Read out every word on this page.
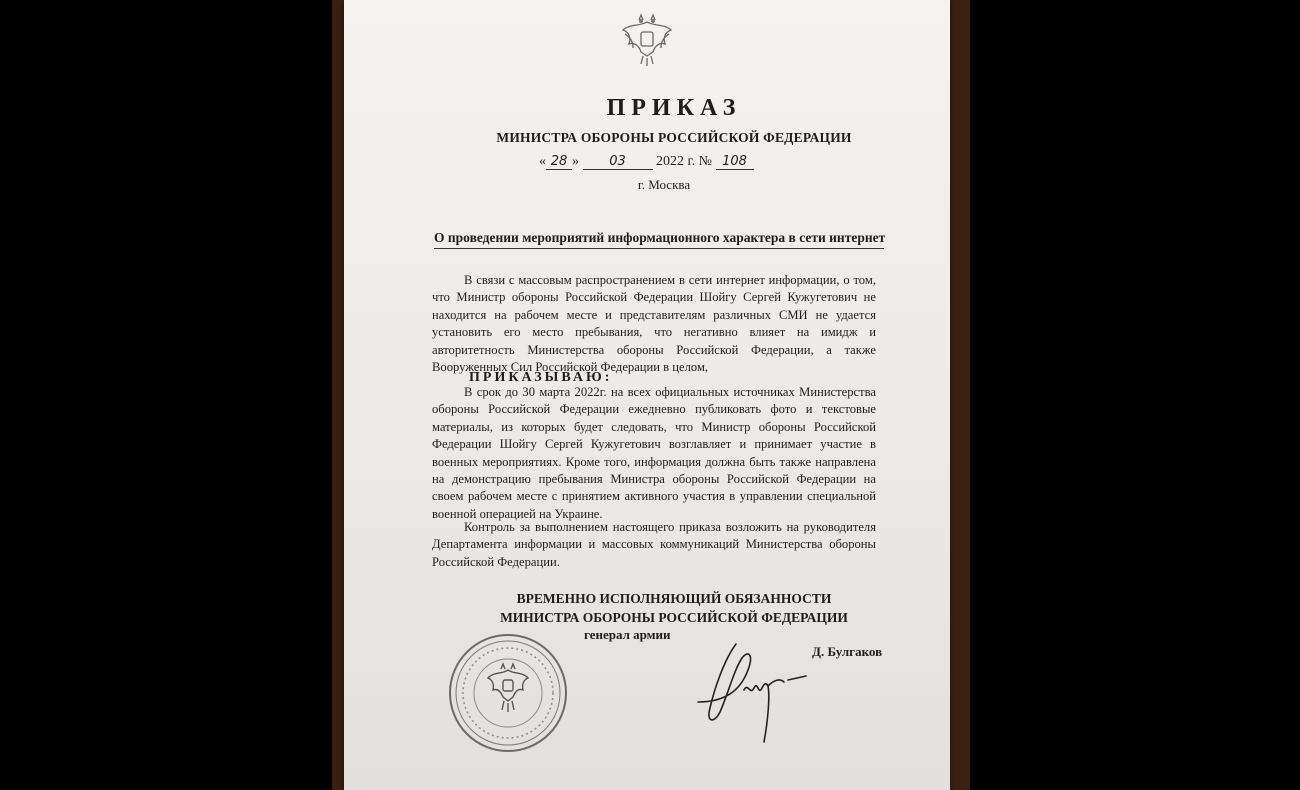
ПРИКАЗ
МИНИСТРА ОБОРОНЫ РОССИЙСКОЙ ФЕДЕРАЦИИ
« 28 » 03 2022 г. № 108
г. Москва
О проведении мероприятий информационного характера в сети интернет
В связи с массовым распространением в сети интернет информации, о том, что Министр обороны Российской Федерации Шойгу Сергей Кужугетович не находится на рабочем месте и представителям различных СМИ не удается установить его место пребывания, что негативно влияет на имидж и авторитетность Министерства обороны Российской Федерации, а также Вооруженных Сил Российской Федерации в целом,
ПРИКАЗЫВАЮ:
В срок до 30 марта 2022г. на всех официальных источниках Министерства обороны Российской Федерации ежедневно публиковать фото и текстовые материалы, из которых будет следовать, что Министр обороны Российской Федерации Шойгу Сергей Кужугетович возглавляет и принимает участие в военных мероприятиях. Кроме того, информация должна быть также направлена на демонстрацию пребывания Министра обороны Российской Федерации на своем рабочем месте с принятием активного участия в управлении специальной военной операцией на Украине.
Контроль за выполнением настоящего приказа возложить на руководителя Департамента информации и массовых коммуникаций Министерства обороны Российской Федерации.
ВРЕМЕННО ИСПОЛНЯЮЩИЙ ОБЯЗАННОСТИ
МИНИСТРА ОБОРОНЫ РОССИЙСКОЙ ФЕДЕРАЦИИ
генерал армии
Д. Булгаков
